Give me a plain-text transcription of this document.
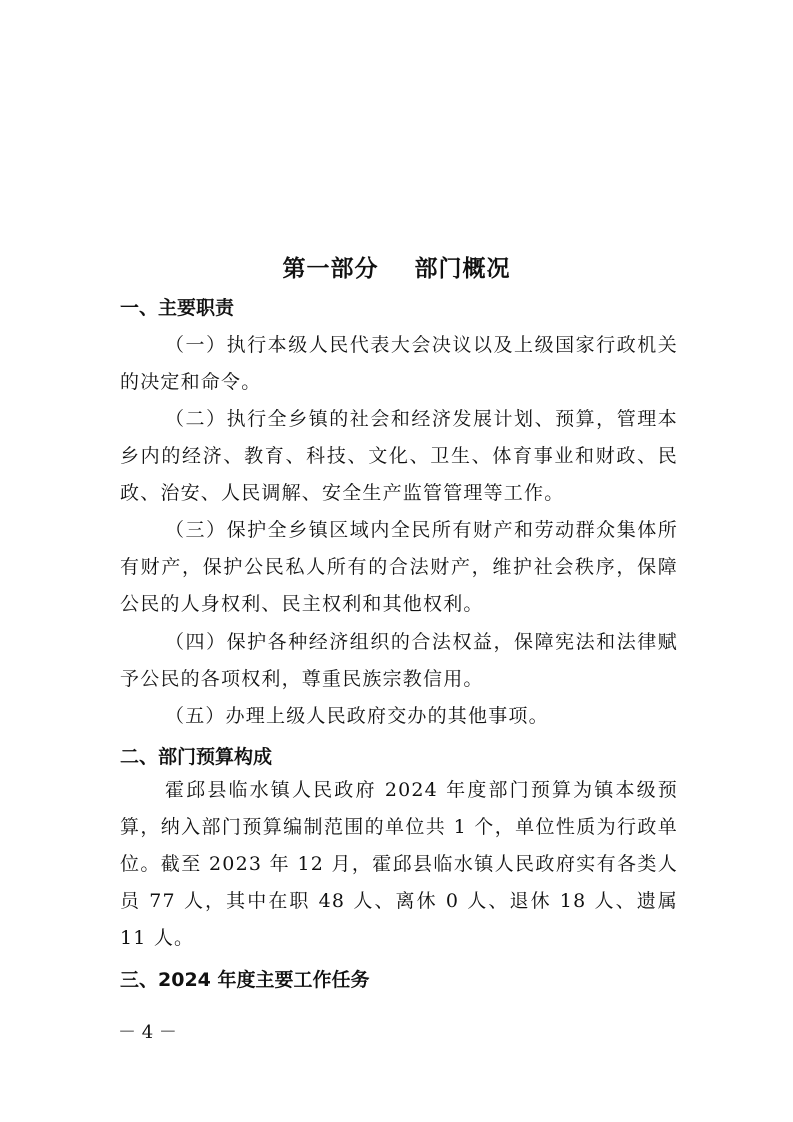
第一部分    部门概况
一、主要职责

（一）执行本级人民代表大会决议以及上级国家行政机关的决定和命令。

（二）执行全乡镇的社会和经济发展计划、预算，管理本乡内的经济、教育、科技、文化、卫生、体育事业和财政、民政、治安、人民调解、安全生产监管管理等工作。

（三）保护全乡镇区域内全民所有财产和劳动群众集体所有财产，保护公民私人所有的合法财产，维护社会秩序，保障公民的人身权利、民主权利和其他权利。

（四）保护各种经济组织的合法权益，保障宪法和法律赋予公民的各项权利，尊重民族宗教信用。

（五）办理上级人民政府交办的其他事项。

二、部门预算构成

霍邱县临水镇人民政府 2024 年度部门预算为镇本级预算，纳入部门预算编制范围的单位共 1 个，单位性质为行政单位。截至 2023 年 12 月，霍邱县临水镇人民政府实有各类人员 77 人，其中在职 48 人、离休 0 人、退休 18 人、遗属 11 人。

三、2024 年度主要工作任务
－ 4 －
